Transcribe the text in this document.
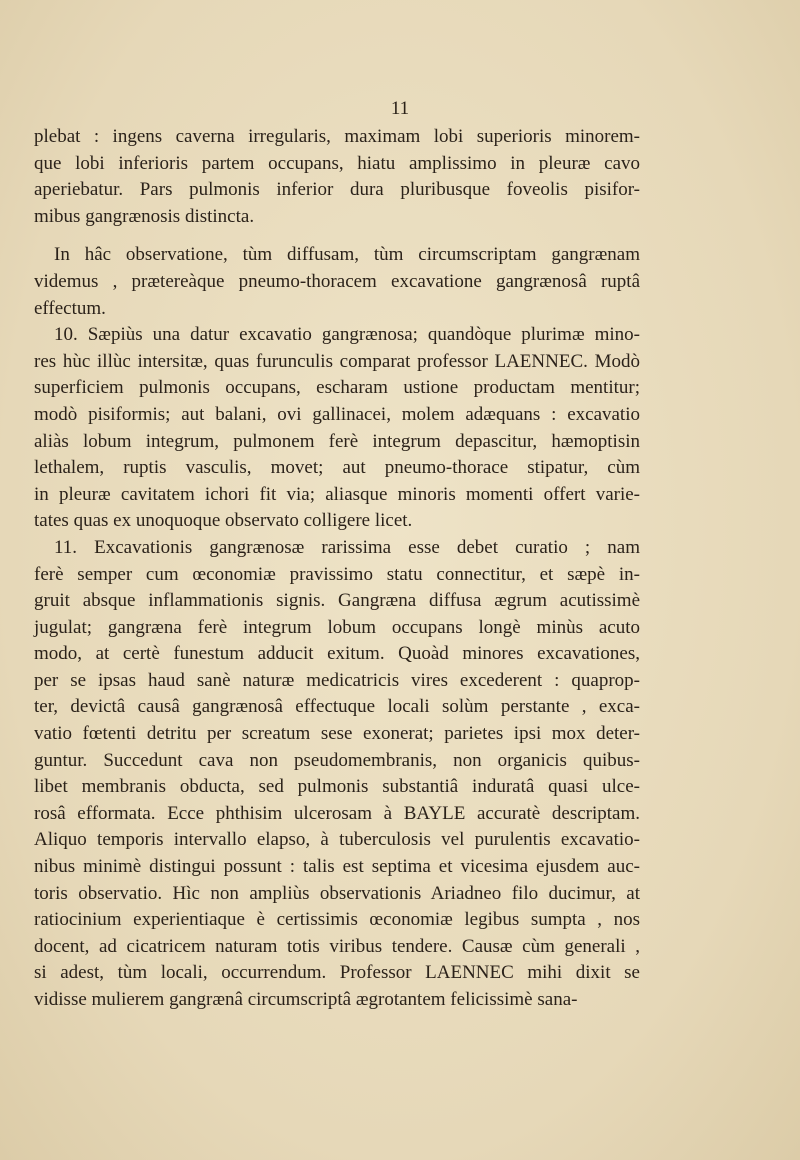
11
plebat : ingens caverna irregularis, maximam lobi superioris minorem-
que lobi inferioris partem occupans, hiatu amplissimo in pleuræ cavo
aperiebatur. Pars pulmonis inferior dura pluribusque foveolis pisifor-
mibus gangrænosis distincta.
In hâc observatione, tùm diffusam, tùm circumscriptam gangrænam
videmus , prætereàque pneumo-thoracem excavatione gangrænosâ ruptâ
effectum.
10. Sæpiùs una datur excavatio gangrænosa; quandòque plurimæ mino-
res hùc illùc intersitæ, quas furunculis comparat professor LAENNEC. Modò
superficiem pulmonis occupans, escharam ustione productam mentitur;
modò pisiformis; aut balani, ovi gallinacei, molem adæquans : excavatio
aliàs lobum integrum, pulmonem ferè integrum depascitur, hæmoptisin
lethalem, ruptis vasculis, movet; aut pneumo-thorace stipatur, cùm
in pleuræ cavitatem ichori fit via; aliasque minoris momenti offert varie-
tates quas ex unoquoque observato colligere licet.
11. Excavationis gangrænosæ rarissima esse debet curatio ; nam
ferè semper cum œconomiæ pravissimo statu connectitur, et sæpè in-
gruit absque inflammationis signis. Gangræna diffusa ægrum acutissimè
jugulat; gangræna ferè integrum lobum occupans longè minùs acuto
modo, at certè funestum adducit exitum. Quoàd minores excavationes,
per se ipsas haud sanè naturæ medicatricis vires excederent : quaprop-
ter, devictâ causâ gangrænosâ effectuque locali solùm perstante , exca-
vatio fœtenti detritu per screatum sese exonerat; parietes ipsi mox deter-
guntur. Succedunt cava non pseudomembranis, non organicis quibus-
libet membranis obducta, sed pulmonis substantiâ induratâ quasi ulce-
rosâ efformata. Ecce phthisim ulcerosam à BAYLE accuratè descriptam.
Aliquo temporis intervallo elapso, à tuberculosis vel purulentis excavatio-
nibus minimè distingui possunt : talis est septima et vicesima ejusdem auc-
toris observatio. Hìc non ampliùs observationis Ariadneo filo ducimur, at
ratiocinium experientiaque è certissimis œconomiæ legibus sumpta , nos
docent, ad cicatricem naturam totis viribus tendere. Causæ cùm generali ,
si adest, tùm locali, occurrendum. Professor LAENNEC mihi dixit se
vidisse mulierem gangrænâ circumscriptâ ægrotantem felicissimè sana-
